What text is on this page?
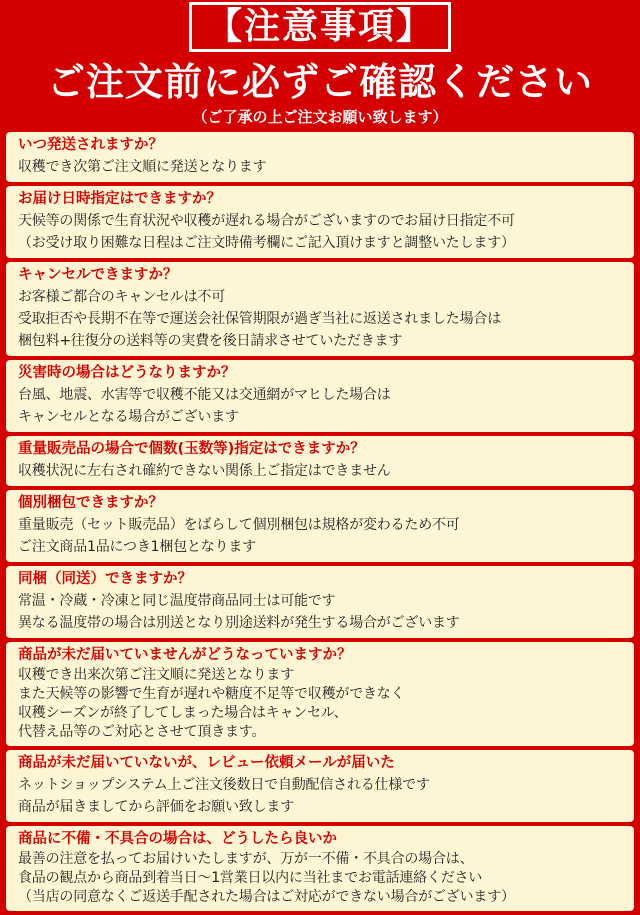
【注意事項】
ご注文前に必ずご確認ください
（ご了承の上ご注文お願い致します）
いつ発送されますか？
収穫でき次第ご注文順に発送となります
お届け日時指定はできますか？
天候等の関係で生育状況や収穫が遅れる場合がございますのでお届け日指定不可
（お受け取り困難な日程はご注文時備考欄にご記入頂けますと調整いたします）
キャンセルできますか？
お客様ご都合のキャンセルは不可
受取拒否や長期不在等で運送会社保管期限が過ぎ当社に返送されました場合は
梱包料+往復分の送料等の実費を後日請求させていただきます
災害時の場合はどうなりますか？
台風、地震、水害等で収穫不能又は交通網がマヒした場合は
キャンセルとなる場合がございます
重量販売品の場合で個数(玉数等)指定はできますか？
収穫状況に左右され確約できない関係上ご指定はできません
個別梱包できますか？
重量販売（セット販売品）をばらして個別梱包は規格が変わるため不可
ご注文商品1品につき1梱包となります
同梱（同送）できますか？
常温・冷蔵・冷凍と同じ温度帯商品同士は可能です
異なる温度帯の場合は別送となり別途送料が発生する場合がございます
商品が未だ届いていませんがどうなっていますか？
収穫でき出来次第ご注文順に発送となります
また天候等の影響で生育が遅れや糖度不足等で収穫ができなく
収穫シーズンが終了してしまった場合はキャンセル、
代替え品等のご対応とさせて頂きます。
商品が未だ届いていないが、レビュー依頼メールが届いた
ネットショップシステム上ご注文後数日で自動配信される仕様です
商品が届きましてから評価をお願い致します
商品に不備・不具合の場合は、どうしたら良いか
最善の注意を払ってお届けいたしますが、万が一不備・不具合の場合は、
食品の観点から商品到着当日〜1営業日以内に当社までお電話連絡ください
（当店の同意なくご返送手配された場合はご対応ができない場合がございます）
